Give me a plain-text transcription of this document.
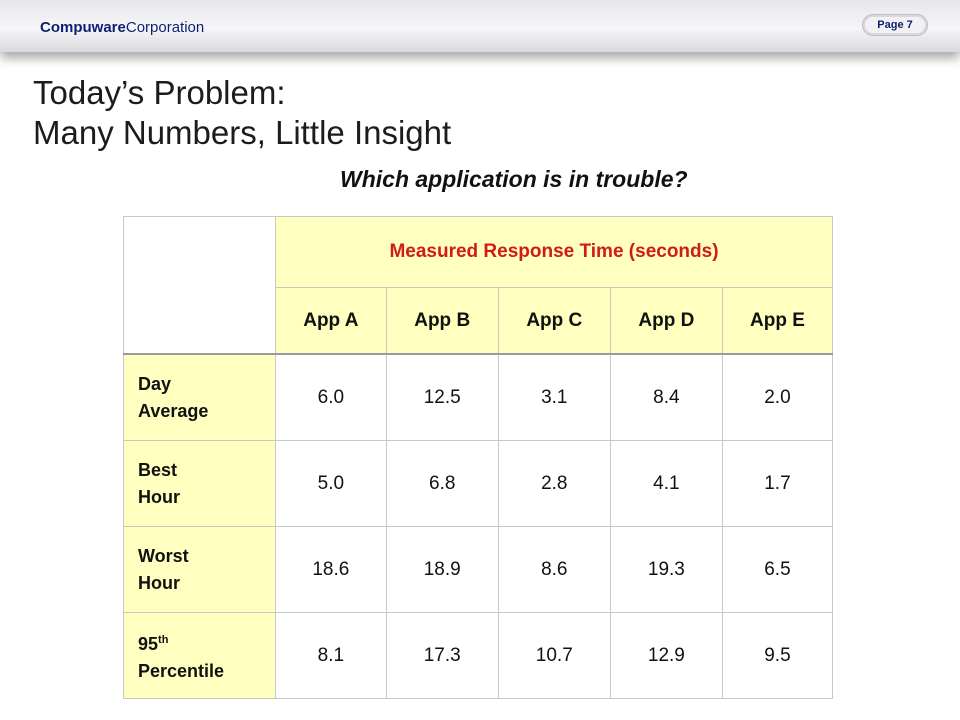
CompuwareCorporation	Page 7
Today’s Problem:
Many Numbers, Little Insight
Which application is in trouble?
	Measured Response Time (seconds)				
	App A	App B	App C	App D	App E
Day
Average	6.0	12.5	3.1	8.4	2.0
Best
Hour	5.0	6.8	2.8	4.1	1.7
Worst
Hour	18.6	18.9	8.6	19.3	6.5
95th
Percentile	8.1	17.3	10.7	12.9	9.5
